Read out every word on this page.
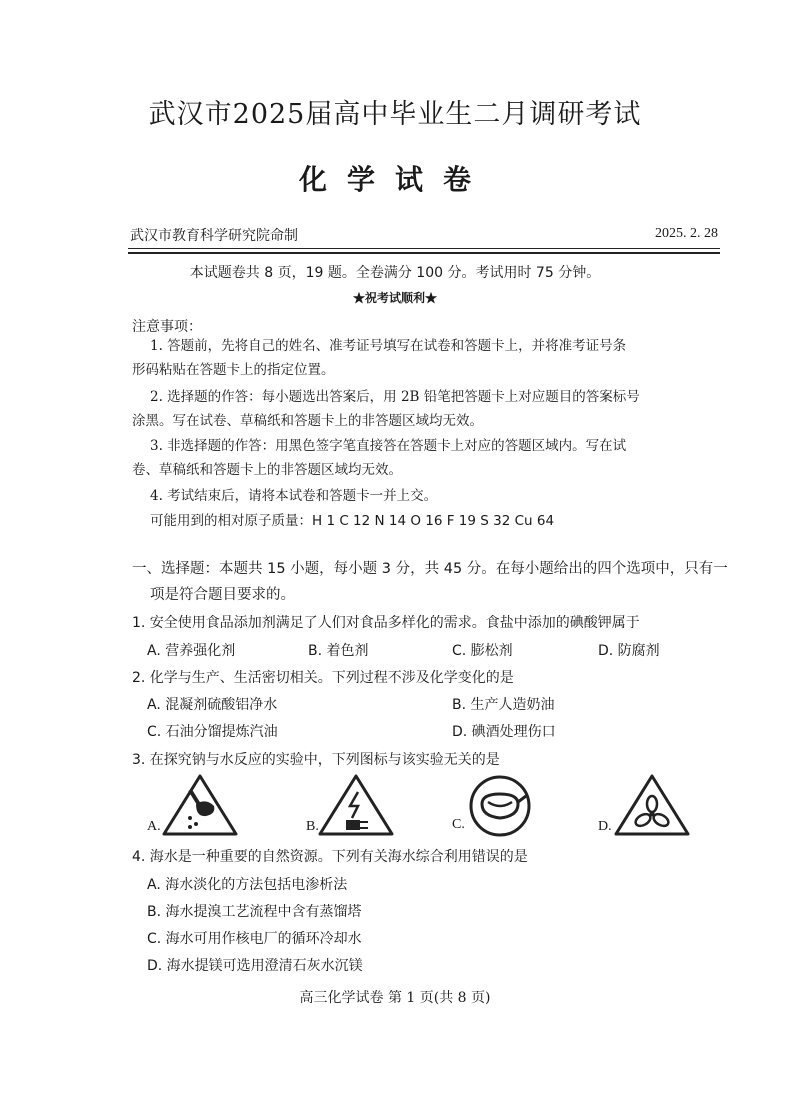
武汉市2025届高中毕业生二月调研考试
化学试卷
武汉市教育科学研究院命制	2025. 2. 28
本试题卷共 8 页，19 题。全卷满分 100 分。考试用时 75 分钟。
★祝考试顺利★
注意事项：
1. 答题前，先将自己的姓名、准考证号填写在试卷和答题卡上，并将准考证号条
形码粘贴在答题卡上的指定位置。
2. 选择题的作答：每小题选出答案后，用 2B 铅笔把答题卡上对应题目的答案标号
涂黑。写在试卷、草稿纸和答题卡上的非答题区域均无效。
3. 非选择题的作答：用黑色签字笔直接答在答题卡上对应的答题区域内。写在试
卷、草稿纸和答题卡上的非答题区域均无效。
4. 考试结束后，请将本试卷和答题卡一并上交。
可能用到的相对原子质量：H 1 C 12 N 14 O 16 F 19 S 32 Cu 64
一、选择题：本题共 15 小题，每小题 3 分，共 45 分。在每小题给出的四个选项中，只有一
项是符合题目要求的。
1. 安全使用食品添加剂满足了人们对食品多样化的需求。食盐中添加的碘酸钾属于
A. 营养强化剂	B. 着色剂	C. 膨松剂	D. 防腐剂
2. 化学与生产、生活密切相关。下列过程不涉及化学变化的是
A. 混凝剂硫酸铝净水	B. 生产人造奶油
C. 石油分馏提炼汽油	D. 碘酒处理伤口
3. 在探究钠与水反应的实验中，下列图标与该实验无关的是
A.	B.	C.	D.
4. 海水是一种重要的自然资源。下列有关海水综合利用错误的是
A. 海水淡化的方法包括电渗析法
B. 海水提溴工艺流程中含有蒸馏塔
C. 海水可用作核电厂的循环冷却水
D. 海水提镁可选用澄清石灰水沉镁
高三化学试卷 第 1 页(共 8 页)
